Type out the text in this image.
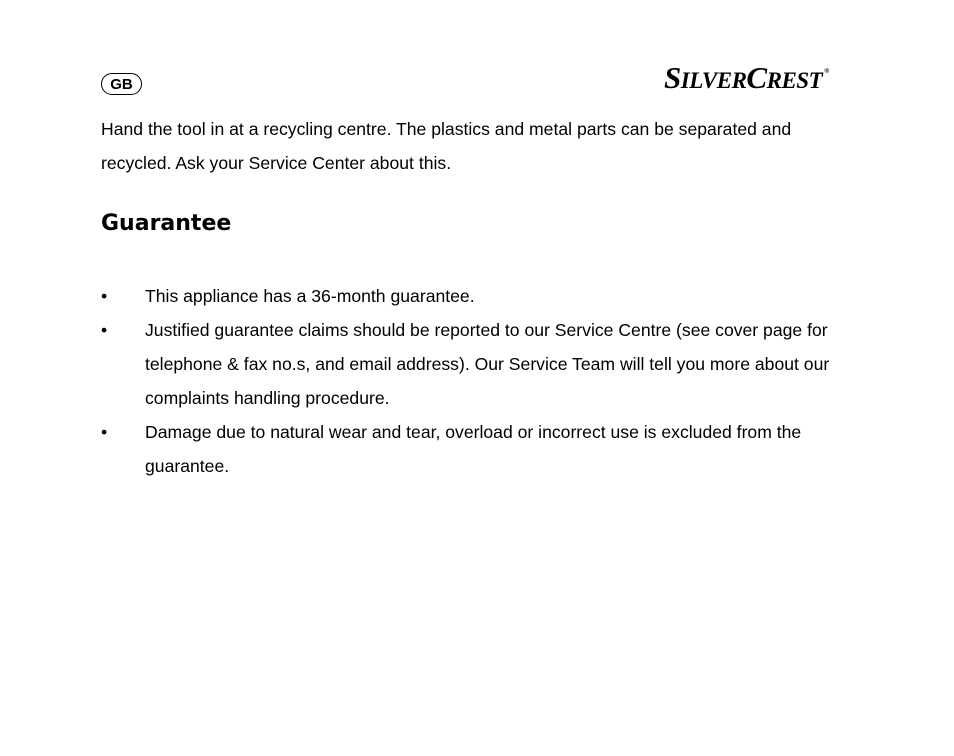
GB	SILVERCREST ®

Hand the tool in at a recycling centre. The plastics and metal parts can be separated and recycled. Ask your Service Center about this.

Guarantee
• This appliance has a 36-month guarantee.
• Justified guarantee claims should be reported to our Service Centre (see cover page for telephone & fax no.s, and email address). Our Service Team will tell you more about our complaints handling procedure.
• Damage due to natural wear and tear, overload or incorrect use is excluded from the guarantee.
